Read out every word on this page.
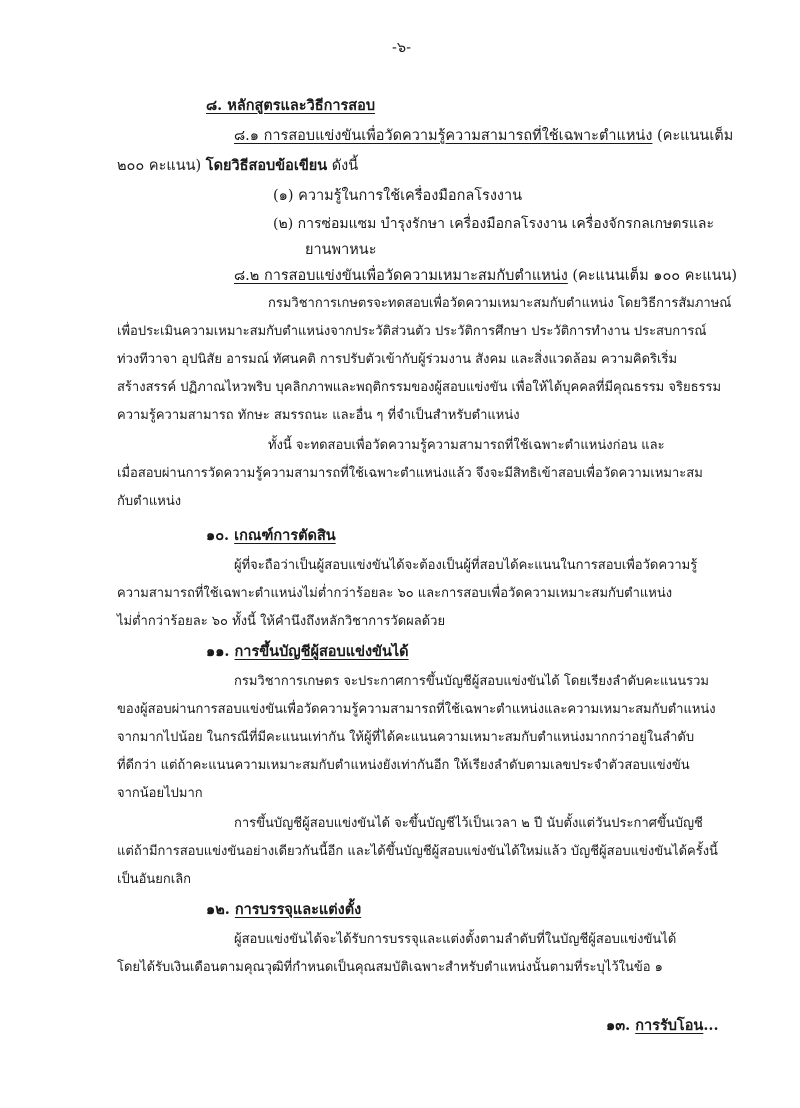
-๖-
๘. หลักสูตรและวิธีการสอบ
๘.๑ การสอบแข่งขันเพื่อวัดความรู้ความสามารถที่ใช้เฉพาะตำแหน่ง (คะแนนเต็ม
๒๐๐ คะแนน) โดยวิธีสอบข้อเขียน ดังนี้
(๑) ความรู้ในการใช้เครื่องมือกลโรงงาน
(๒) การซ่อมแซม บำรุงรักษา เครื่องมือกลโรงงาน เครื่องจักรกลเกษตรและ
ยานพาหนะ
๘.๒ การสอบแข่งขันเพื่อวัดความเหมาะสมกับตำแหน่ง (คะแนนเต็ม ๑๐๐ คะแนน)
กรมวิชาการเกษตรจะทดสอบเพื่อวัดความเหมาะสมกับตำแหน่ง โดยวิธีการสัมภาษณ์
เพื่อประเมินความเหมาะสมกับตำแหน่งจากประวัติส่วนตัว ประวัติการศึกษา ประวัติการทำงาน ประสบการณ์
ท่วงทีวาจา อุปนิสัย อารมณ์ ทัศนคติ การปรับตัวเข้ากับผู้ร่วมงาน สังคม และสิ่งแวดล้อม ความคิดริเริ่ม
สร้างสรรค์ ปฏิภาณไหวพริบ บุคลิกภาพและพฤติกรรมของผู้สอบแข่งขัน เพื่อให้ได้บุคคลที่มีคุณธรรม จริยธรรม
ความรู้ความสามารถ ทักษะ สมรรถนะ และอื่น ๆ ที่จำเป็นสำหรับตำแหน่ง
ทั้งนี้ จะทดสอบเพื่อวัดความรู้ความสามารถที่ใช้เฉพาะตำแหน่งก่อน และ
เมื่อสอบผ่านการวัดความรู้ความสามารถที่ใช้เฉพาะตำแหน่งแล้ว จึงจะมีสิทธิเข้าสอบเพื่อวัดความเหมาะสม
กับตำแหน่ง
๑๐. เกณฑ์การตัดสิน
ผู้ที่จะถือว่าเป็นผู้สอบแข่งขันได้จะต้องเป็นผู้ที่สอบได้คะแนนในการสอบเพื่อวัดความรู้
ความสามารถที่ใช้เฉพาะตำแหน่งไม่ต่ำกว่าร้อยละ ๖๐ และการสอบเพื่อวัดความเหมาะสมกับตำแหน่ง
ไม่ต่ำกว่าร้อยละ ๖๐ ทั้งนี้ ให้คำนึงถึงหลักวิชาการวัดผลด้วย
๑๑. การขึ้นบัญชีผู้สอบแข่งขันได้
กรมวิชาการเกษตร จะประกาศการขึ้นบัญชีผู้สอบแข่งขันได้ โดยเรียงลำดับคะแนนรวม
ของผู้สอบผ่านการสอบแข่งขันเพื่อวัดความรู้ความสามารถที่ใช้เฉพาะตำแหน่งและความเหมาะสมกับตำแหน่ง
จากมากไปน้อย ในกรณีที่มีคะแนนเท่ากัน ให้ผู้ที่ได้คะแนนความเหมาะสมกับตำแหน่งมากกว่าอยู่ในลำดับ
ที่ดีกว่า แต่ถ้าคะแนนความเหมาะสมกับตำแหน่งยังเท่ากันอีก ให้เรียงลำดับตามเลขประจำตัวสอบแข่งขัน
จากน้อยไปมาก
การขึ้นบัญชีผู้สอบแข่งขันได้ จะขึ้นบัญชีไว้เป็นเวลา ๒ ปี นับตั้งแต่วันประกาศขึ้นบัญชี
แต่ถ้ามีการสอบแข่งขันอย่างเดียวกันนี้อีก และได้ขึ้นบัญชีผู้สอบแข่งขันได้ใหม่แล้ว บัญชีผู้สอบแข่งขันได้ครั้งนี้
เป็นอันยกเลิก
๑๒. การบรรจุและแต่งตั้ง
ผู้สอบแข่งขันได้จะได้รับการบรรจุและแต่งตั้งตามลำดับที่ในบัญชีผู้สอบแข่งขันได้
โดยได้รับเงินเดือนตามคุณวุฒิที่กำหนดเป็นคุณสมบัติเฉพาะสำหรับตำแหน่งนั้นตามที่ระบุไว้ในข้อ ๑
๑๓. การรับโอน...
